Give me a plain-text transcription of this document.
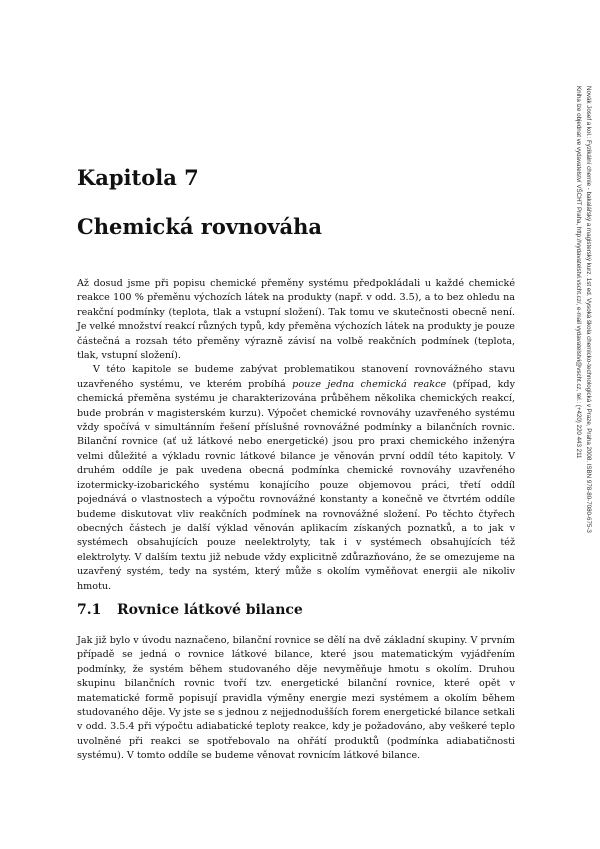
Novák Josef a kol.: Fyzikální chemie - bakalářský a magisterský kurz. 1st ed. Vysoká škola chemicko-technologická v Praze, Praha 2008. ISBN 978-80-7080-675-3
Kniha lze objednat ve vydavatelství VŠCHT Praha, http://vydavatelstvi.vscht.cz/, e-mail vydavatelstvi@vscht.cz, tel.: (+420) 220 443 211
Kapitola 7
Chemická rovnováha

Až dosud jsme při popisu chemické přeměny systému předpokládali u každé chemické reakce 100 % přeměnu výchozích látek na produkty (např. v odd. 3.5), a to bez ohledu na reakční podmínky (teplota, tlak a vstupní složení). Tak tomu ve skutečnosti obecně není. Je velké množství reakcí různých typů, kdy přeměna výchozích látek na produkty je pouze částečná a rozsah této přeměny výrazně závisí na volbě reakčních podmínek (teplota, tlak, vstupní složení).

V této kapitole se budeme zabývat problematikou stanovení rovnovážného stavu uzavřeného systému, ve kterém probíhá pouze jedna chemická reakce (případ, kdy chemická přeměna systému je charakterizována průběhem několika chemických reakcí, bude probrán v magisterském kurzu). Výpočet chemické rovnováhy uzavřeného systému vždy spočívá v simultánním řešení příslušné rovnovážné podmínky a bilančních rovnic. Bilanční rovnice (ať už látkové nebo energetické) jsou pro praxi chemického inženýra velmi důležité a výkladu rovnic látkové bilance je věnován první oddíl této kapitoly. V druhém oddíle je pak uvedena obecná podmínka chemické rovnováhy uzavřeného izotermicky-izobarického systému konajícího pouze objemovou práci, třetí oddíl pojednává o vlastnostech a výpočtu rovnovážné konstanty a konečně ve čtvrtém oddíle budeme diskutovat vliv reakčních podmínek na rovnovážné složení. Po těchto čtyřech obecných částech je další výklad věnován aplikacím získaných poznatků, a to jak v systémech obsahujících pouze neelektrolyty, tak i v systémech obsahujících též elektrolyty. V dalším textu již nebude vždy explicitně zdůrazňováno, že se omezujeme na uzavřený systém, tedy na systém, který může s okolím vyměňovat energii ale nikoliv hmotu.

7.1 Rovnice látkové bilance

Jak již bylo v úvodu naznačeno, bilanční rovnice se dělí na dvě základní skupiny. V prvním případě se jedná o rovnice látkové bilance, které jsou matematickým vyjádřením podmínky, že systém během studovaného děje nevyměňuje hmotu s okolím. Druhou skupinu bilančních rovnic tvoří tzv. energetické bilanční rovnice, které opět v matematické formě popisují pravidla výměny energie mezi systémem a okolím během studovaného děje. Vy jste se s jednou z nejjednodušších forem energetické bilance setkali v odd. 3.5.4 při výpočtu adiabatické teploty reakce, kdy je požadováno, aby veškeré teplo uvolněné při reakci se spotřebovalo na ohřátí produktů (podmínka adiabatičnosti systému). V tomto oddíle se budeme věnovat rovnicím látkové bilance.
